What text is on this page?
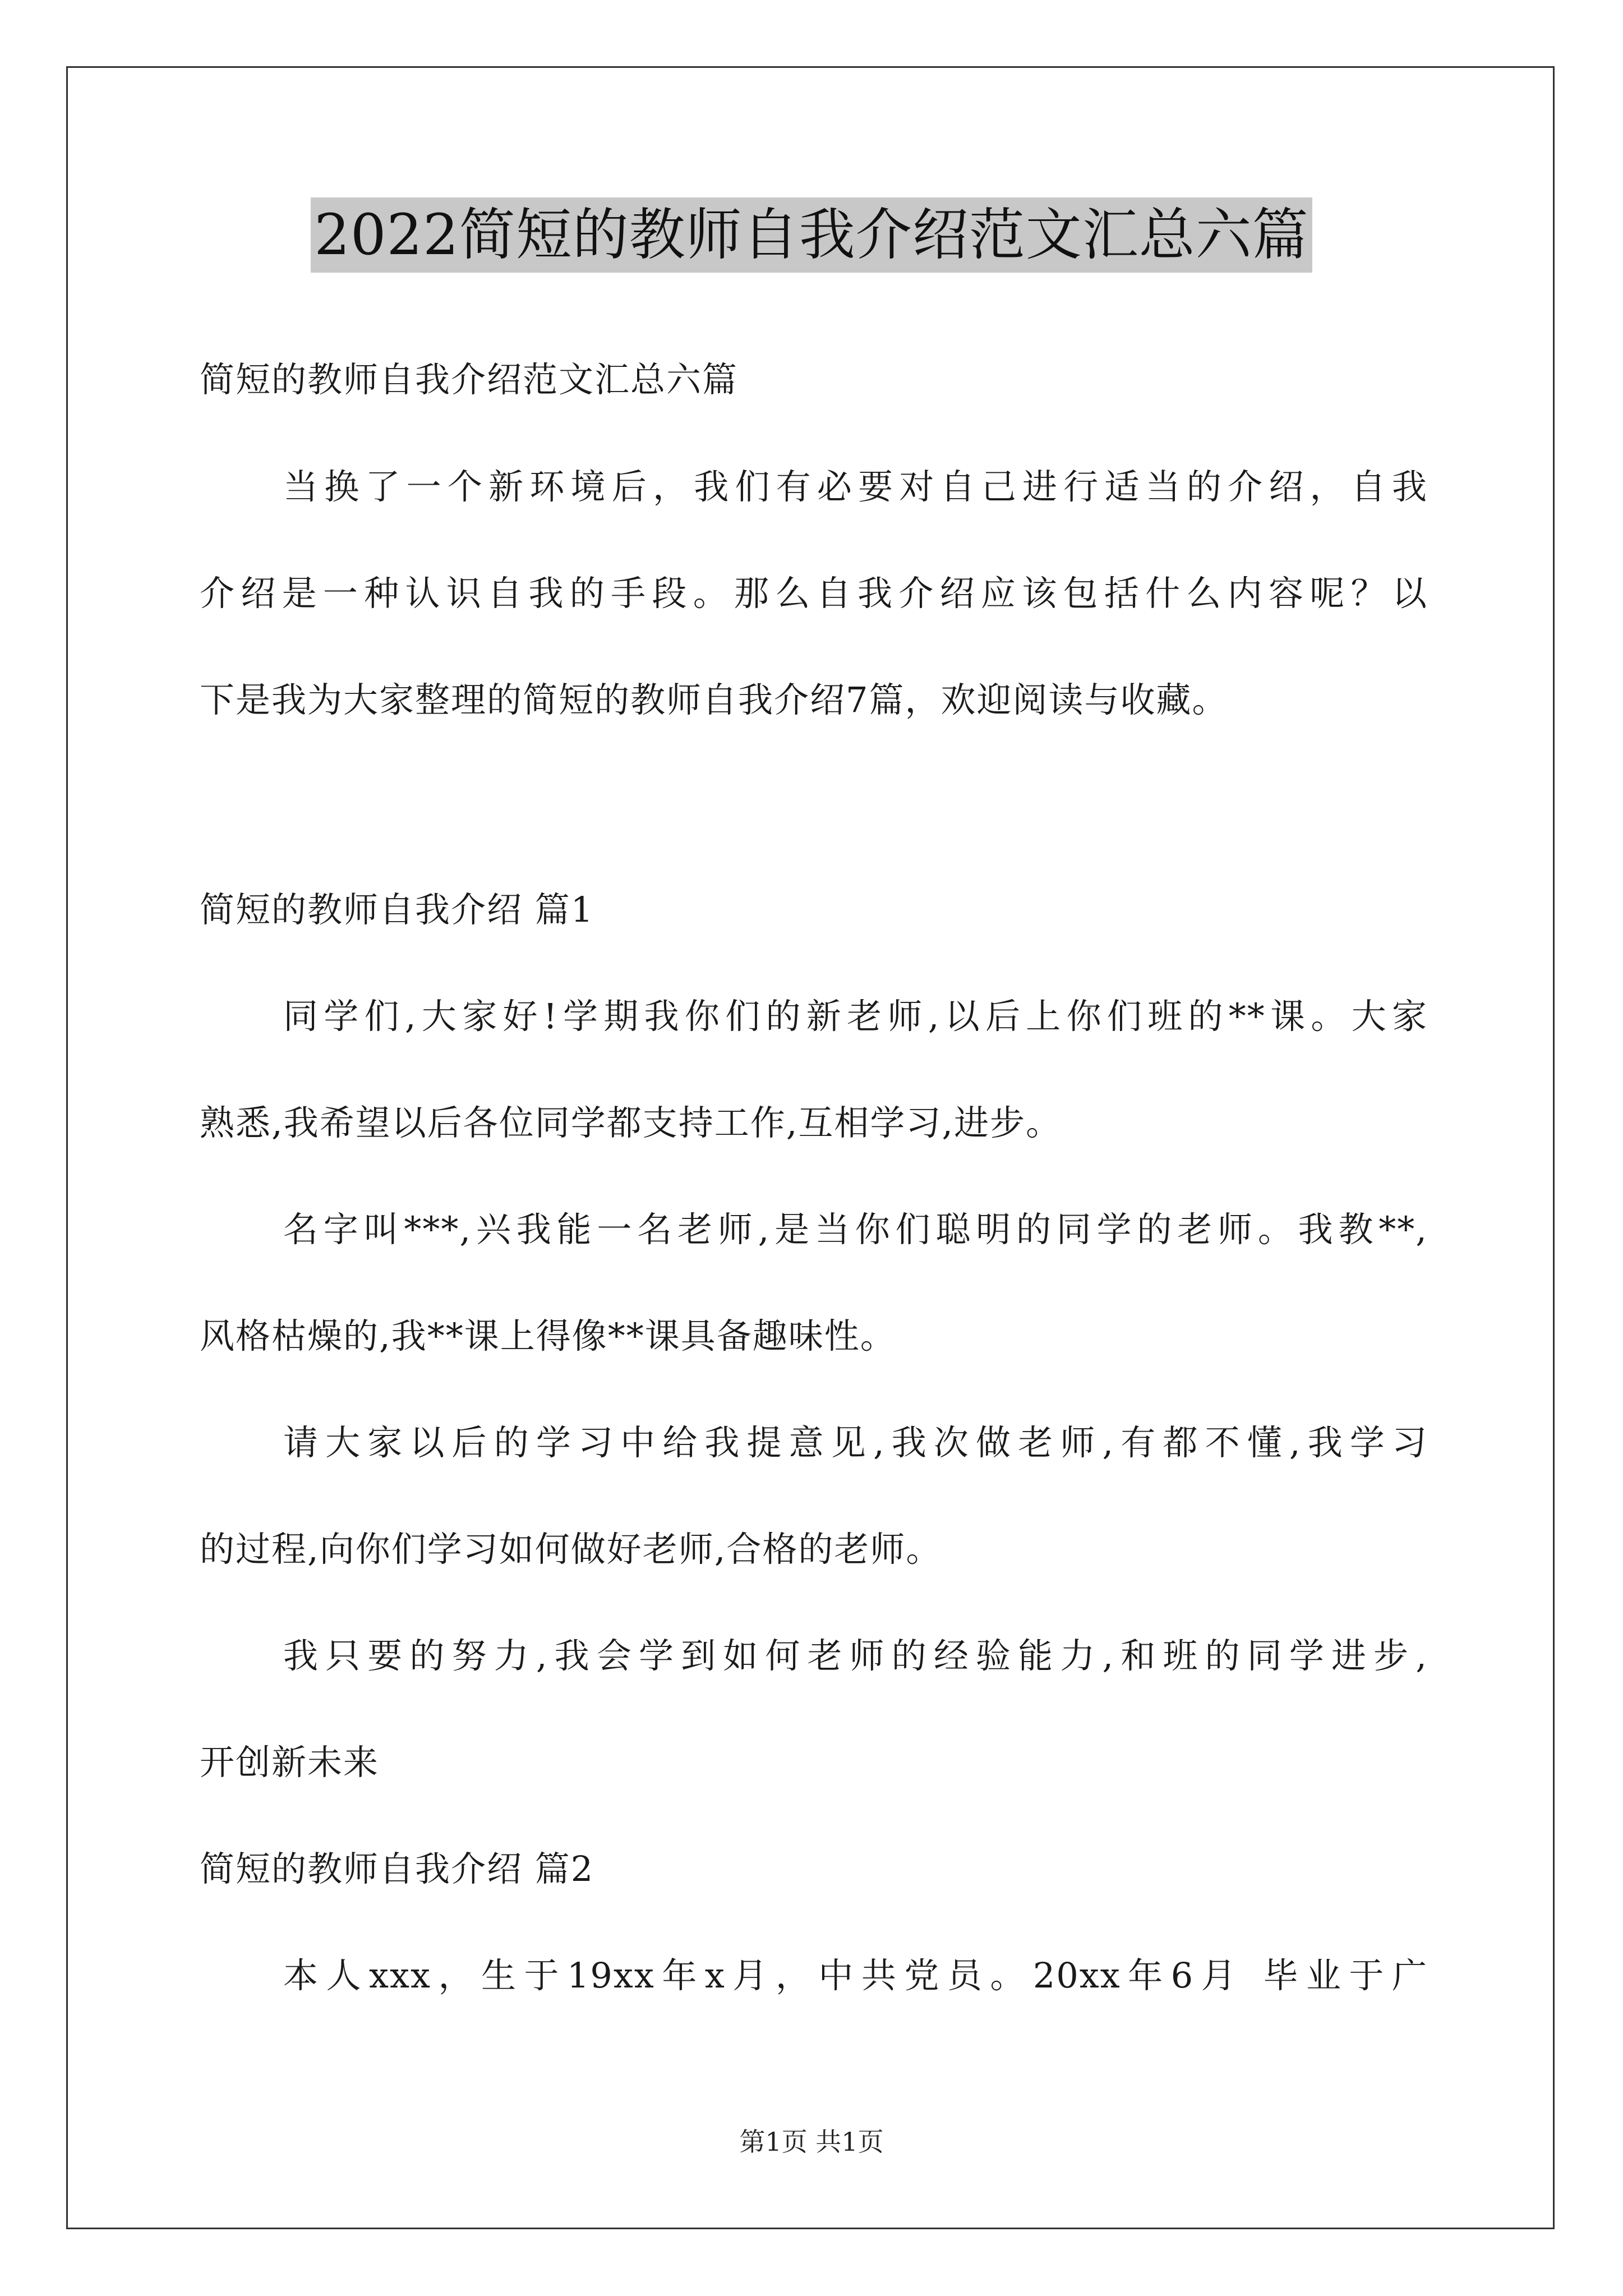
2022简短的教师自我介绍范文汇总六篇
简短的教师自我介绍范文汇总六篇
当换了一个新环境后，我们有必要对自己进行适当的介绍，自我
介绍是一种认识自我的手段。那么自我介绍应该包括什么内容呢？以
下是我为大家整理的简短的教师自我介绍7篇，欢迎阅读与收藏。
简短的教师自我介绍 篇1
同学们,大家好!学期我你们的新老师,以后上你们班的**课。大家
熟悉,我希望以后各位同学都支持工作,互相学习,进步。
名字叫***,兴我能一名老师,是当你们聪明的同学的老师。我教**,
风格枯燥的,我**课上得像**课具备趣味性。
请大家以后的学习中给我提意见,我次做老师,有都不懂,我学习
的过程,向你们学习如何做好老师,合格的老师。
我只要的努力,我会学到如何老师的经验能力,和班的同学进步,
开创新未来
简短的教师自我介绍 篇2
本人xxx，生于19xx年x月，中共党员。20xx年6月 毕业于广
第1页 共1页
